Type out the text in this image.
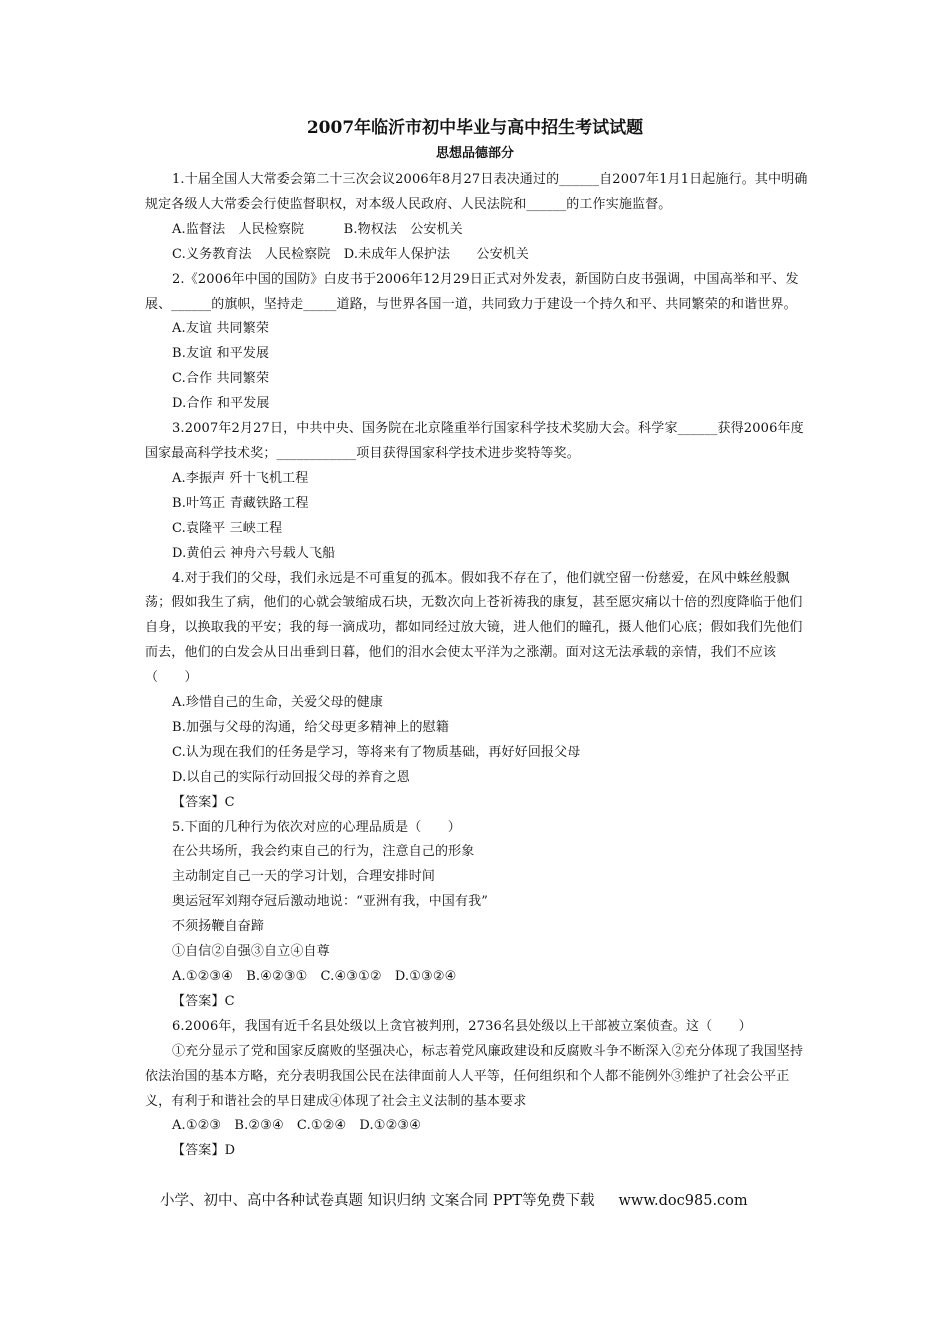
2007年临沂市初中毕业与高中招生考试试题
思想品德部分

1.十届全国人大常委会第二十三次会议2006年8月27日表决通过的______自2007年1月1日起施行。其中明确规定各级人大常委会行使监督职权，对本级人民政府、人民法院和______的工作实施监督。

A.监督法　人民检察院　　　B.物权法　公安机关

C.义务教育法　人民检察院　D.未成年人保护法　　公安机关

2.《2006年中国的国防》白皮书于2006年12月29日正式对外发表，新国防白皮书强调，中国高举和平、发展、______的旗帜，坚持走_____道路，与世界各国一道，共同致力于建设一个持久和平、共同繁荣的和谐世界。

A.友谊 共同繁荣

B.友谊 和平发展

C.合作 共同繁荣

D.合作 和平发展

3.2007年2月27日，中共中央、国务院在北京隆重举行国家科学技术奖励大会。科学家______获得2006年度国家最高科学技术奖；____________项目获得国家科学技术进步奖特等奖。

A.李振声 歼十飞机工程

B.叶笃正 青藏铁路工程

C.袁隆平 三峡工程

D.黄伯云 神舟六号载人飞船

4.对于我们的父母，我们永远是不可重复的孤本。假如我不存在了，他们就空留一份慈爱，在风中蛛丝般飘荡；假如我生了病，他们的心就会皱缩成石块，无数次向上苍祈祷我的康复，甚至愿灾痛以十倍的烈度降临于他们自身，以换取我的平安；我的每一滴成功，都如同经过放大镜，进人他们的瞳孔，摄人他们心底；假如我们先他们而去，他们的白发会从日出垂到日暮，他们的泪水会使太平洋为之涨潮。面对这无法承载的亲情，我们不应该（　　）

A.珍惜自己的生命，关爱父母的健康

B.加强与父母的沟通，给父母更多精神上的慰籍

C.认为现在我们的任务是学习，等将来有了物质基础，再好好回报父母

D.以自己的实际行动回报父母的养育之恩

【答案】C

5.下面的几种行为依次对应的心理品质是（　　）

在公共场所，我会约束自己的行为，注意自己的形象

主动制定自己一天的学习计划，合理安排时间

奥运冠军刘翔夺冠后激动地说：“亚洲有我，中国有我”

不须扬鞭自奋蹄

①自信②自强③自立④自尊

A.①②③④　B.④②③①　C.④③①②　D.①③②④

【答案】C

6.2006年，我国有近千名县处级以上贪官被判刑，2736名县处级以上干部被立案侦查。这（　　）

①充分显示了党和国家反腐败的坚强决心，标志着党风廉政建设和反腐败斗争不断深入②充分体现了我国坚持依法治国的基本方略，充分表明我国公民在法律面前人人平等，任何组织和个人都不能例外③维护了社会公平正义，有利于和谐社会的早日建成④体现了社会主义法制的基本要求

A.①②③　B.②③④　C.①②④　D.①②③④

【答案】D

小学、初中、高中各种试卷真题 知识归纳 文案合同 PPT等免费下载 www.doc985.com
